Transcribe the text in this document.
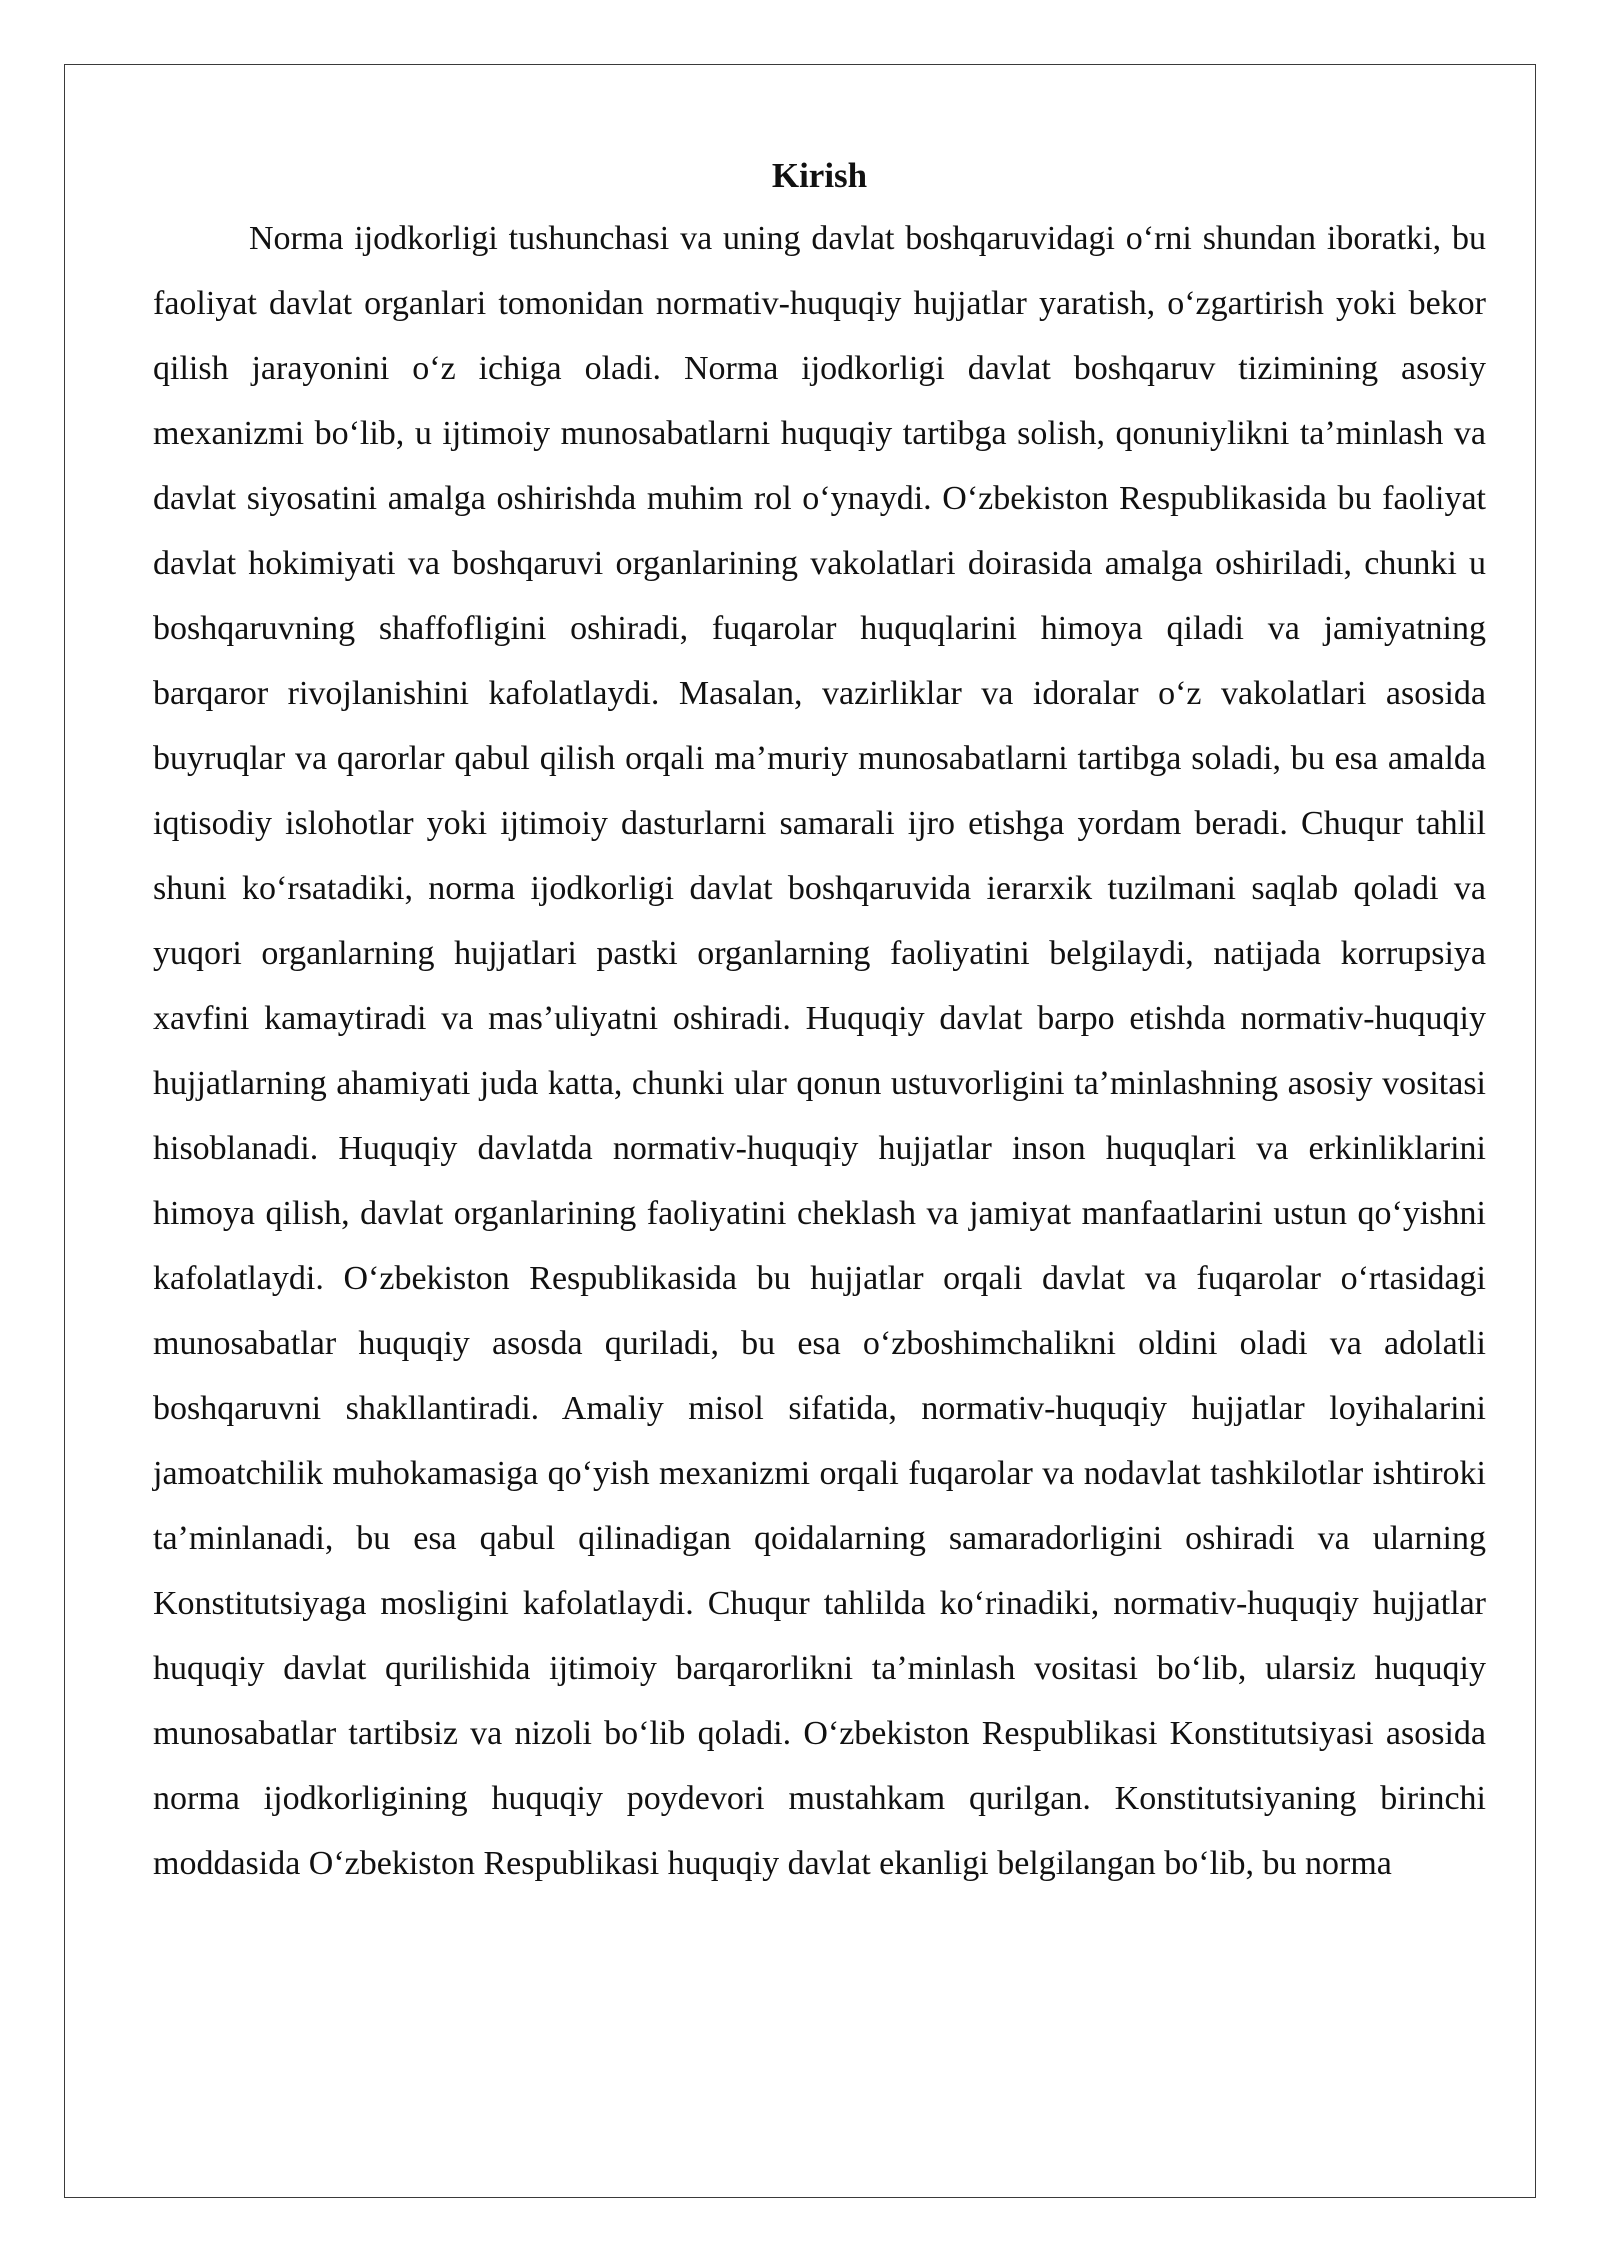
Kirish

Norma ijodkorligi tushunchasi va uning davlat boshqaruvidagi oʻrni shundan iboratki, bu faoliyat davlat organlari tomonidan normativ-huquqiy hujjatlar yaratish, oʻzgartirish yoki bekor qilish jarayonini oʻz ichiga oladi. Norma ijodkorligi davlat boshqaruv tizimining asosiy mexanizmi boʻlib, u ijtimoiy munosabatlarni huquqiy tartibga solish, qonuniylikni taʼminlash va davlat siyosatini amalga oshirishda muhim rol oʻynaydi. Oʻzbekiston Respublikasida bu faoliyat davlat hokimiyati va boshqaruvi organlarining vakolatlari doirasida amalga oshiriladi, chunki u boshqaruvning shaffofligini oshiradi, fuqarolar huquqlarini himoya qiladi va jamiyatning barqaror rivojlanishini kafolatlaydi. Masalan, vazirliklar va idoralar oʻz vakolatlari asosida buyruqlar va qarorlar qabul qilish orqali maʼmuriy munosabatlarni tartibga soladi, bu esa amalda iqtisodiy islohotlar yoki ijtimoiy dasturlarni samarali ijro etishga yordam beradi. Chuqur tahlil shuni koʻrsatadiki, norma ijodkorligi davlat boshqaruvida ierarxik tuzilmani saqlab qoladi va yuqori organlarning hujjatlari pastki organlarning faoliyatini belgilaydi, natijada korrupsiya xavfini kamaytiradi va masʼuliyatni oshiradi. Huquqiy davlat barpo etishda normativ-huquqiy hujjatlarning ahamiyati juda katta, chunki ular qonun ustuvorligini taʼminlashning asosiy vositasi hisoblanadi. Huquqiy davlatda normativ-huquqiy hujjatlar inson huquqlari va erkinliklarini himoya qilish, davlat organlarining faoliyatini cheklash va jamiyat manfaatlarini ustun qoʻyishni kafolatlaydi. Oʻzbekiston Respublikasida bu hujjatlar orqali davlat va fuqarolar oʻrtasidagi munosabatlar huquqiy asosda quriladi, bu esa oʻzboshimchalikni oldini oladi va adolatli boshqaruvni shakllantiradi. Amaliy misol sifatida, normativ-huquqiy hujjatlar loyihalarini jamoatchilik muhokamasiga qoʻyish mexanizmi orqali fuqarolar va nodavlat tashkilotlar ishtiroki taʼminlanadi, bu esa qabul qilinadigan qoidalarning samaradorligini oshiradi va ularning Konstitutsiyaga mosligini kafolatlaydi. Chuqur tahlilda koʻrinadiki, normativ-huquqiy hujjatlar huquqiy davlat qurilishida ijtimoiy barqarorlikni taʼminlash vositasi boʻlib, ularsiz huquqiy munosabatlar tartibsiz va nizoli boʻlib qoladi. Oʻzbekiston Respublikasi Konstitutsiyasi asosida norma ijodkorligining huquqiy poydevori mustahkam qurilgan. Konstitutsiyaning birinchi moddasida Oʻzbekiston Respublikasi huquqiy davlat ekanligi belgilangan boʻlib, bu norma
